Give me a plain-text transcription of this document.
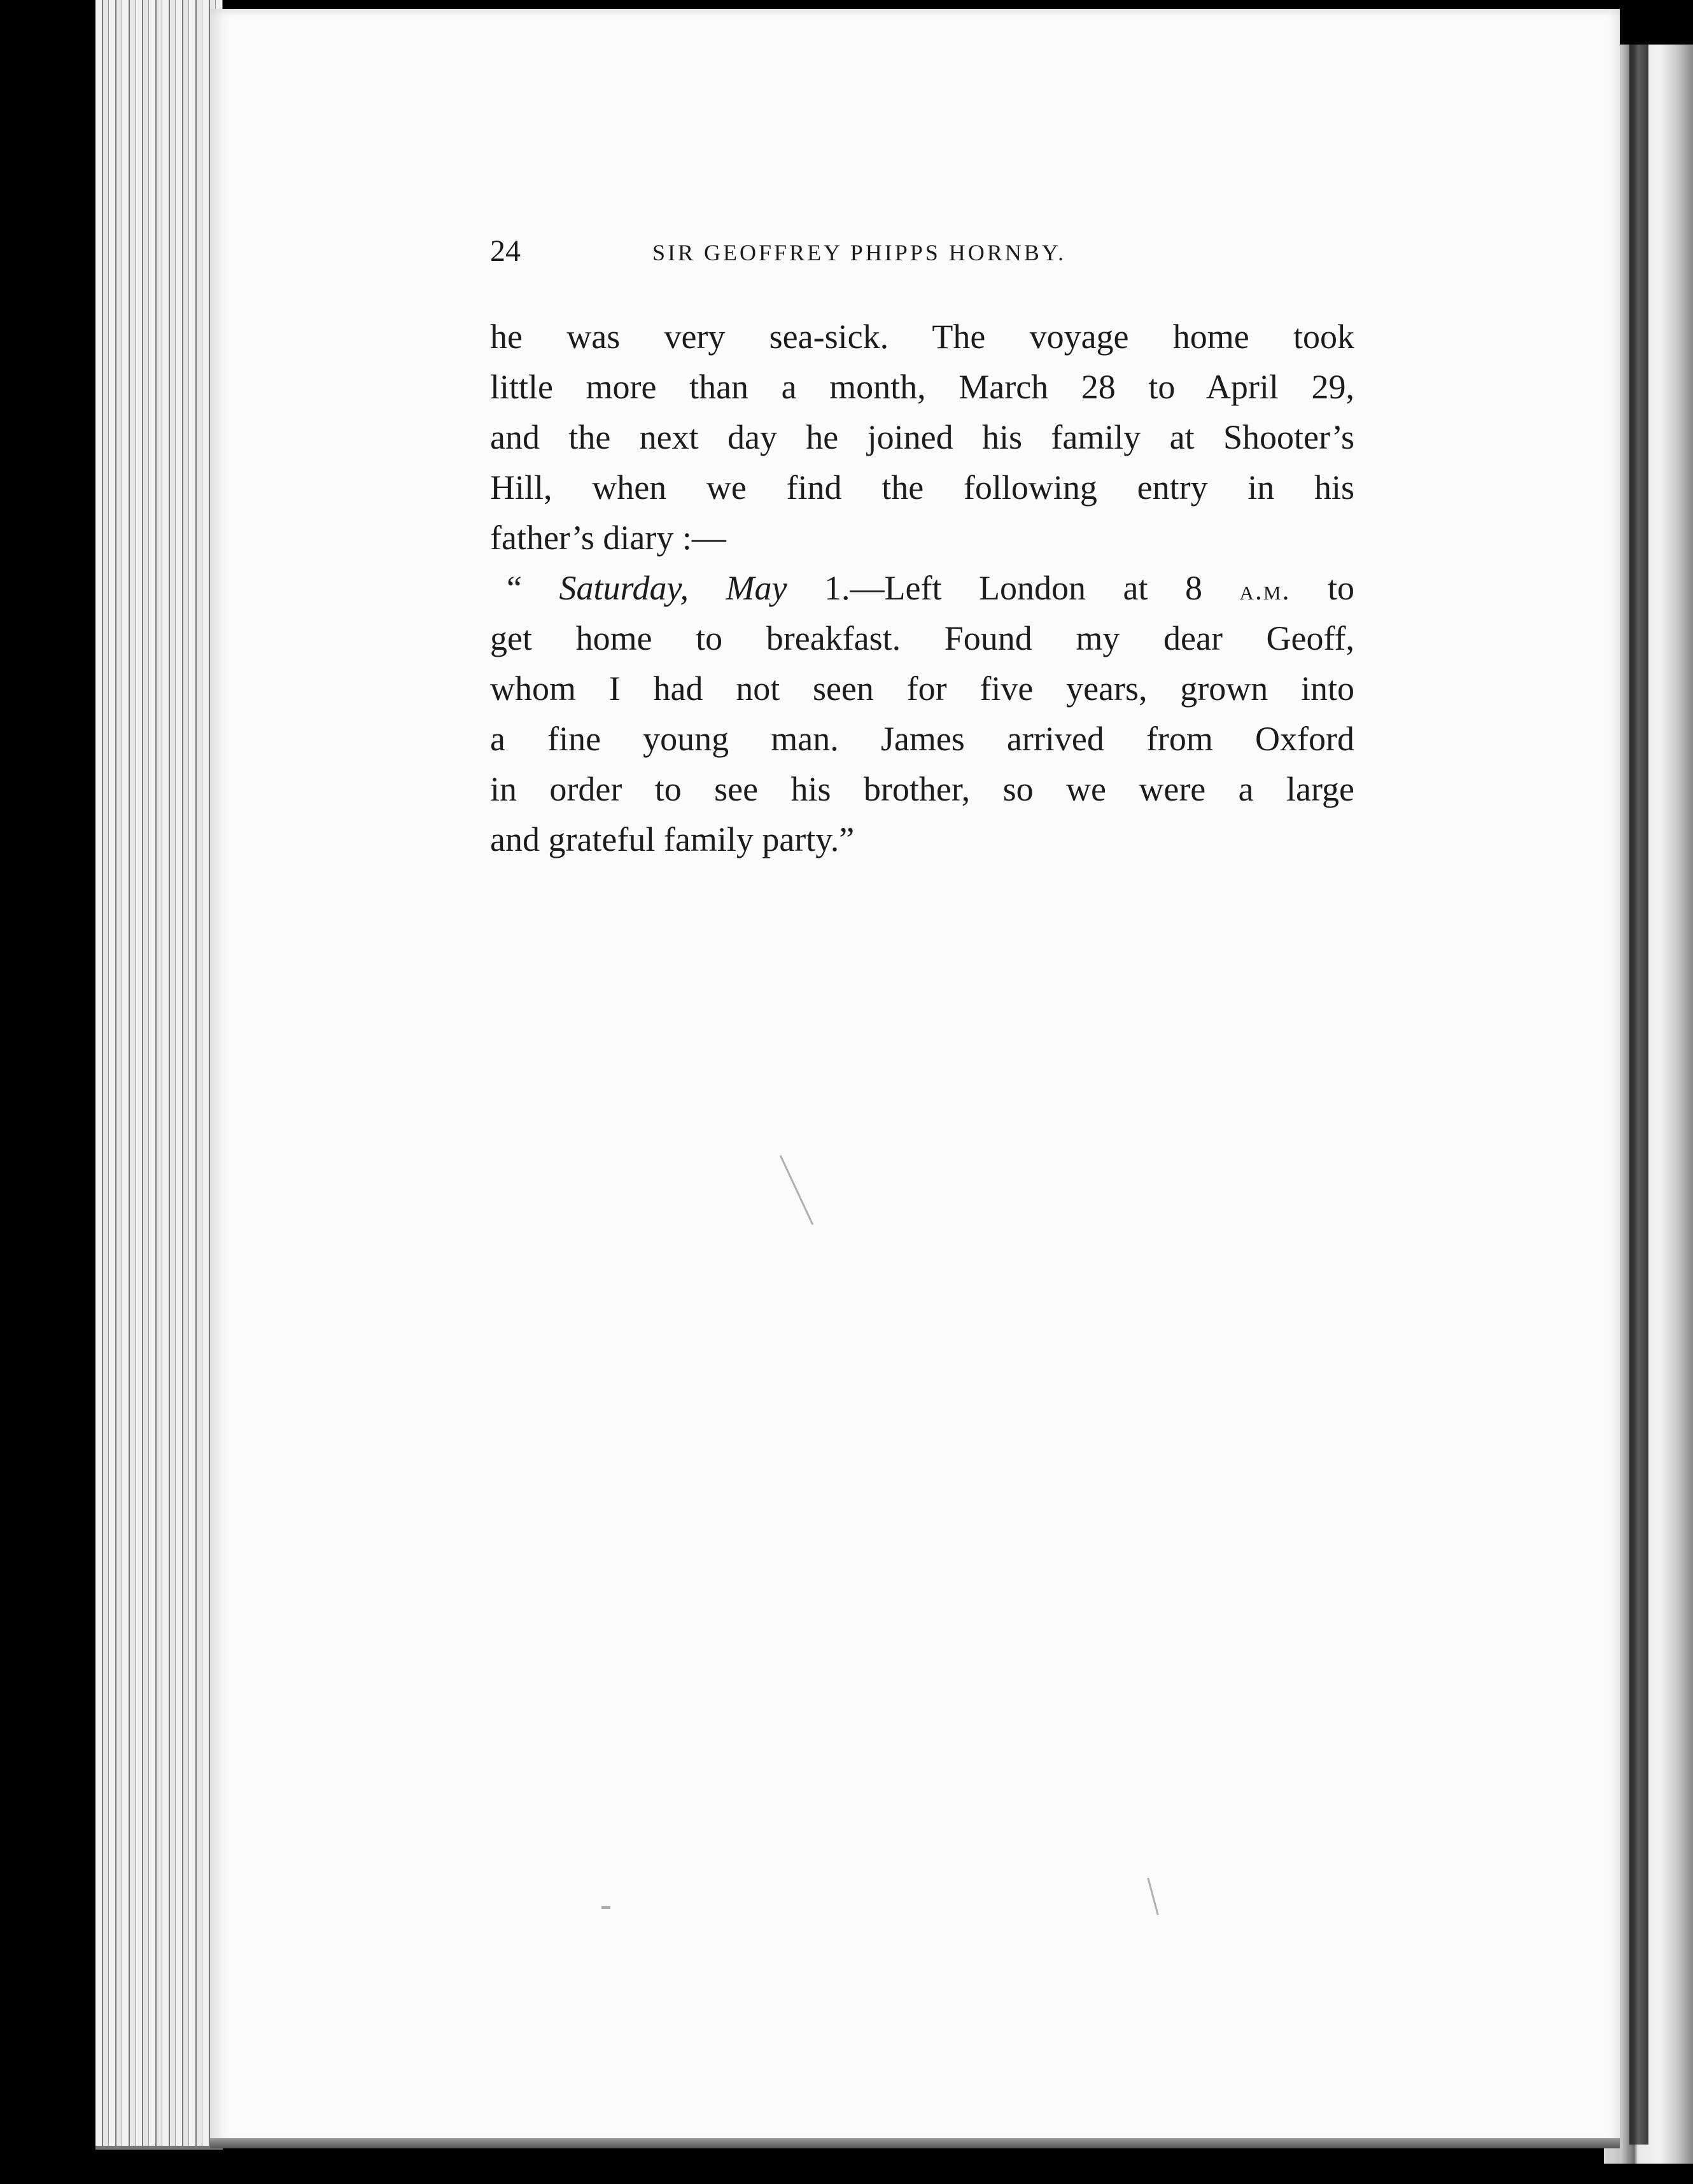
24	SIR GEOFFREY PHIPPS HORNBY.
he was very sea-sick. The voyage home took
little more than a month, March 28 to April 29,
and the next day he joined his family at Shooter’s
Hill, when we find the following entry in his
father’s diary :—
“ Saturday, May 1.—Left London at 8 a.m. to
get home to breakfast. Found my dear Geoff,
whom I had not seen for five years, grown into
a fine young man. James arrived from Oxford
in order to see his brother, so we were a large
and grateful family party.”
